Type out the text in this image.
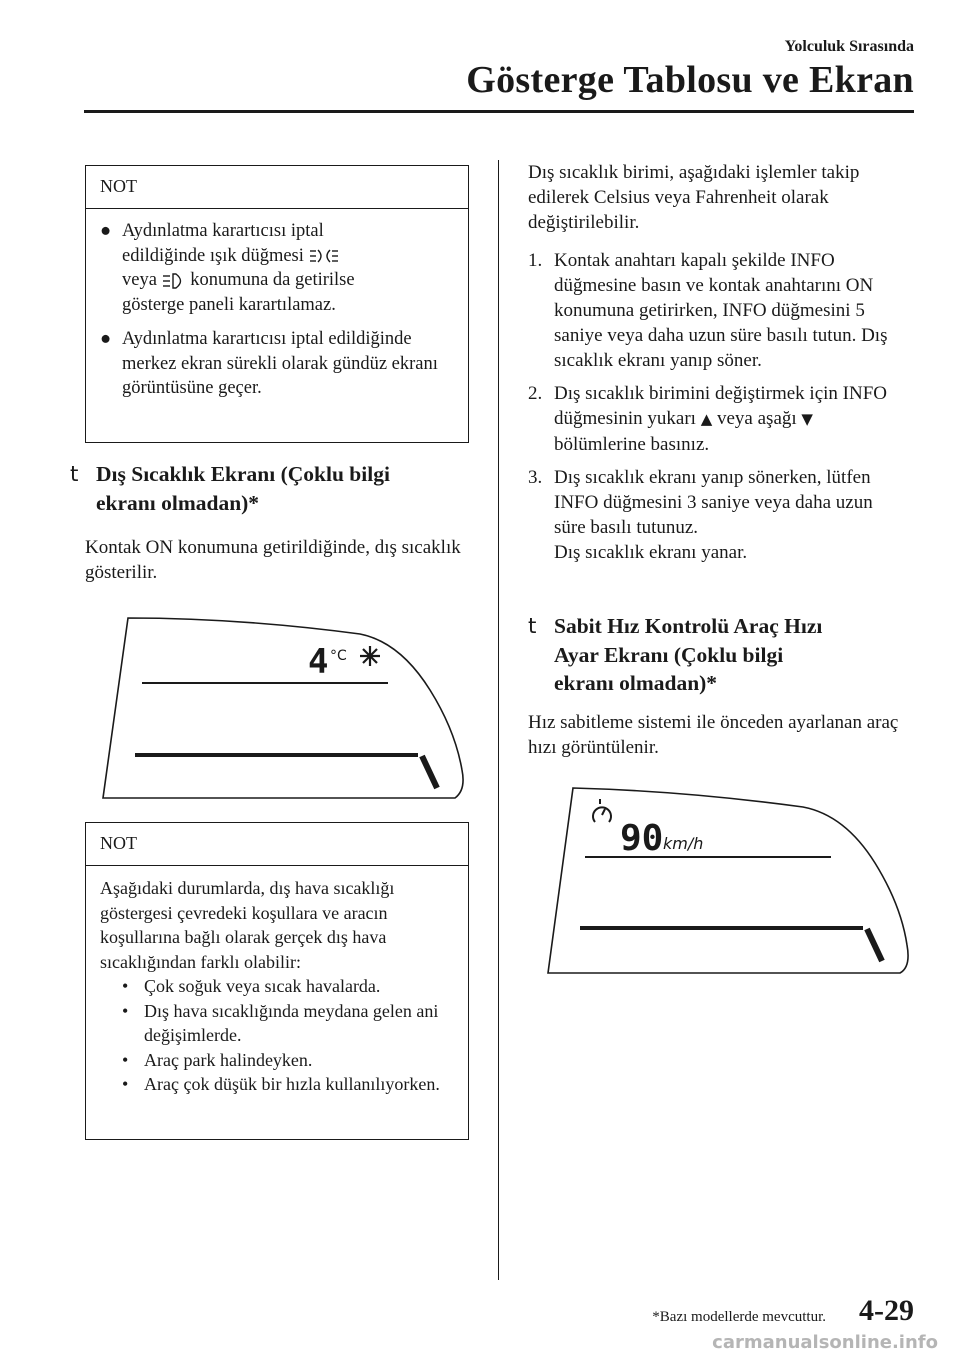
Yolculuk Sırasında
Gösterge Tablosu ve Ekran
NOT
● Aydınlatma karartıcısı iptal
edildiğinde ışık düğmesi
veya konumuna da getirilse
gösterge paneli karartılamaz.
● Aydınlatma karartıcısı iptal edildiğinde merkez ekran sürekli olarak gündüz ekranı görüntüsüne geçer.
t Dış Sıcaklık Ekranı (Çoklu bilgi
ekranı olmadan)*
Kontak ON konumuna getirildiğinde, dış sıcaklık gösterilir.
4 °C
NOT
Aşağıdaki durumlarda, dış hava sıcaklığı göstergesi çevredeki koşullara ve aracın koşullarına bağlı olarak gerçek dış hava sıcaklığından farklı olabilir:
• Çok soğuk veya sıcak havalarda.
• Dış hava sıcaklığında meydana gelen ani değişimlerde.
• Araç park halindeyken.
• Araç çok düşük bir hızla kullanılıyorken.
Dış sıcaklık birimi, aşağıdaki işlemler takip edilerek Celsius veya Fahrenheit olarak değiştirilebilir.
1. Kontak anahtarı kapalı şekilde INFO düğmesine basın ve kontak anahtarını ON konumuna getirirken, INFO düğmesini 5 saniye veya daha uzun süre basılı tutun. Dış sıcaklık ekranı yanıp söner.
2. Dış sıcaklık birimini değiştirmek için INFO düğmesinin yukarı ▲ veya aşağı ▼ bölümlerine basınız.
3. Dış sıcaklık ekranı yanıp sönerken, lütfen INFO düğmesini 3 saniye veya daha uzun süre basılı tutunuz.
Dış sıcaklık ekranı yanar.
t Sabit Hız Kontrolü Araç Hızı
Ayar Ekranı (Çoklu bilgi
ekranı olmadan)*
Hız sabitleme sistemi ile önceden ayarlanan araç hızı görüntülenir.
90 km/h
*Bazı modellerde mevcuttur. 4-29
carmanualsonline.info
